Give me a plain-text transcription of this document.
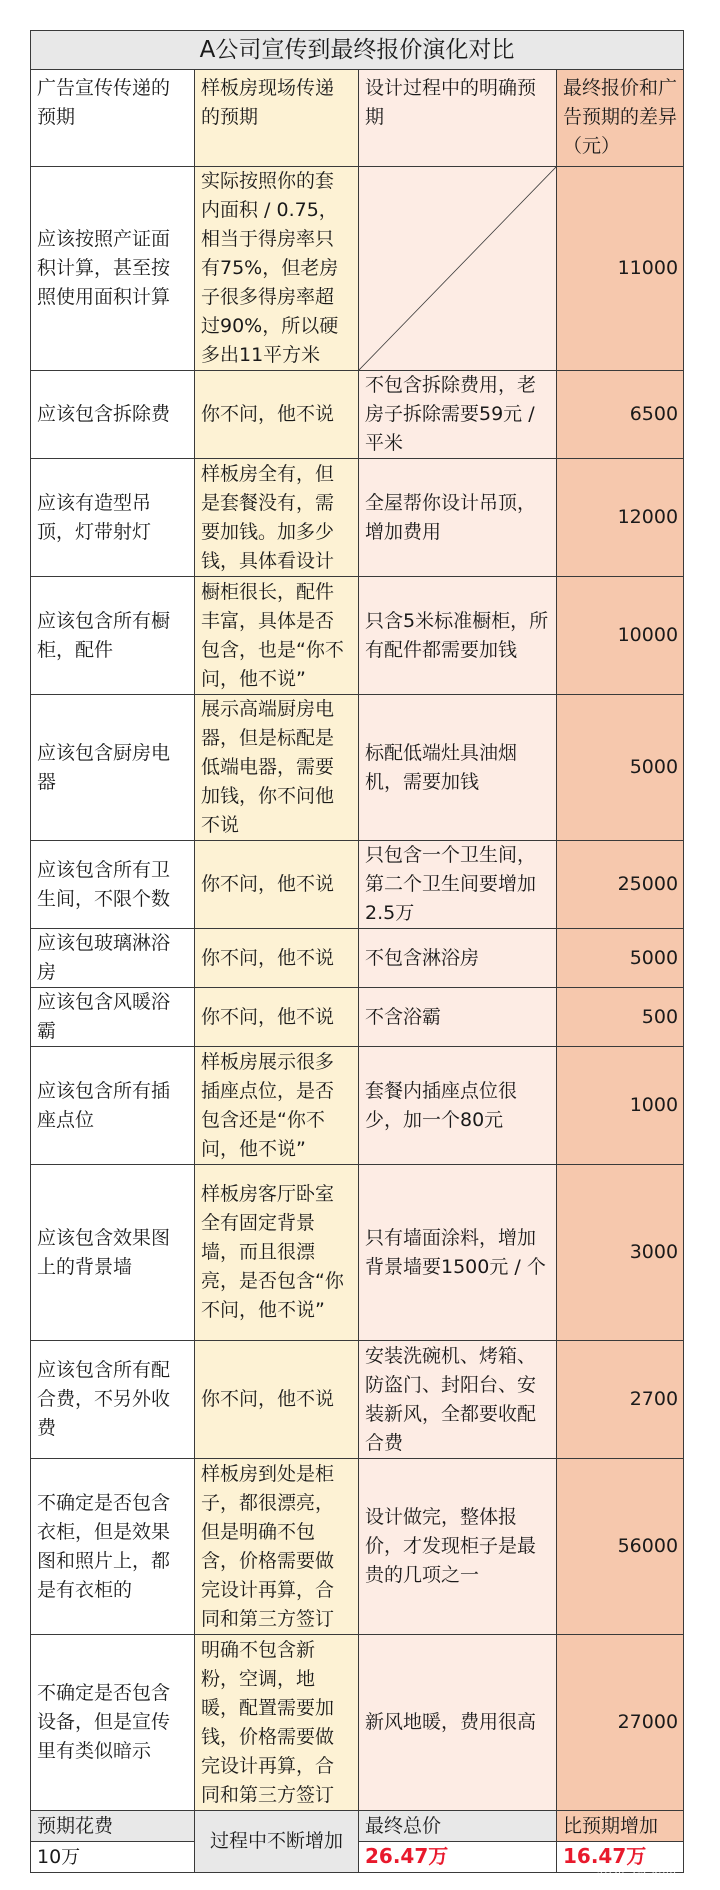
A公司宣传到最终报价演化对比			
广告宣传传递的预期	样板房现场传递的预期	设计过程中的明确预期	最终报价和广告预期的差异（元）
应该按照产证面积计算，甚至按照使用面积计算	实际按照你的套内面积 / 0.75，相当于得房率只有75%，但老房子很多得房率超过90%，所以硬多出11平方米		11000
应该包含拆除费	你不问，他不说	不包含拆除费用，老房子拆除需要59元 / 平米	6500
应该有造型吊顶，灯带射灯	样板房全有，但是套餐没有，需要加钱。加多少钱，具体看设计	全屋帮你设计吊顶，增加费用	12000
应该包含所有橱柜，配件	橱柜很长，配件丰富，具体是否包含，也是“你不问，他不说”	只含5米标准橱柜，所有配件都需要加钱	10000
应该包含厨房电器	展示高端厨房电器，但是标配是低端电器，需要加钱，你不问他不说	标配低端灶具油烟机，需要加钱	5000
应该包含所有卫生间，不限个数	你不问，他不说	只包含一个卫生间，第二个卫生间要增加2.5万	25000
应该包玻璃淋浴房	你不问，他不说	不包含淋浴房	5000
应该包含风暖浴霸	你不问，他不说	不含浴霸	500
应该包含所有插座点位	样板房展示很多插座点位，是否包含还是“你不问，他不说”	套餐内插座点位很少，加一个80元	1000
应该包含效果图上的背景墙	样板房客厅卧室全有固定背景墙，而且很漂亮，是否包含“你不问，他不说”	只有墙面涂料，增加背景墙要1500元 / 个	3000
应该包含所有配合费，不另外收费	你不问，他不说	安装洗碗机、烤箱、防盗门、封阳台、安装新风，全都要收配合费	2700
不确定是否包含衣柜，但是效果图和照片上，都是有衣柜的	样板房到处是柜子，都很漂亮，但是明确不包含，价格需要做完设计再算，合同和第三方签订	设计做完，整体报价，才发现柜子是最贵的几项之一	56000
不确定是否包含设备，但是宣传里有类似暗示	明确不包含新粉，空调，地暖，配置需要加钱，价格需要做完设计再算，合同和第三方签订	新风地暖，费用很高	27000
预期花费	过程中不断增加	最终总价	比预期增加
10万		26.47万	16.47万
知乎 @老曲
